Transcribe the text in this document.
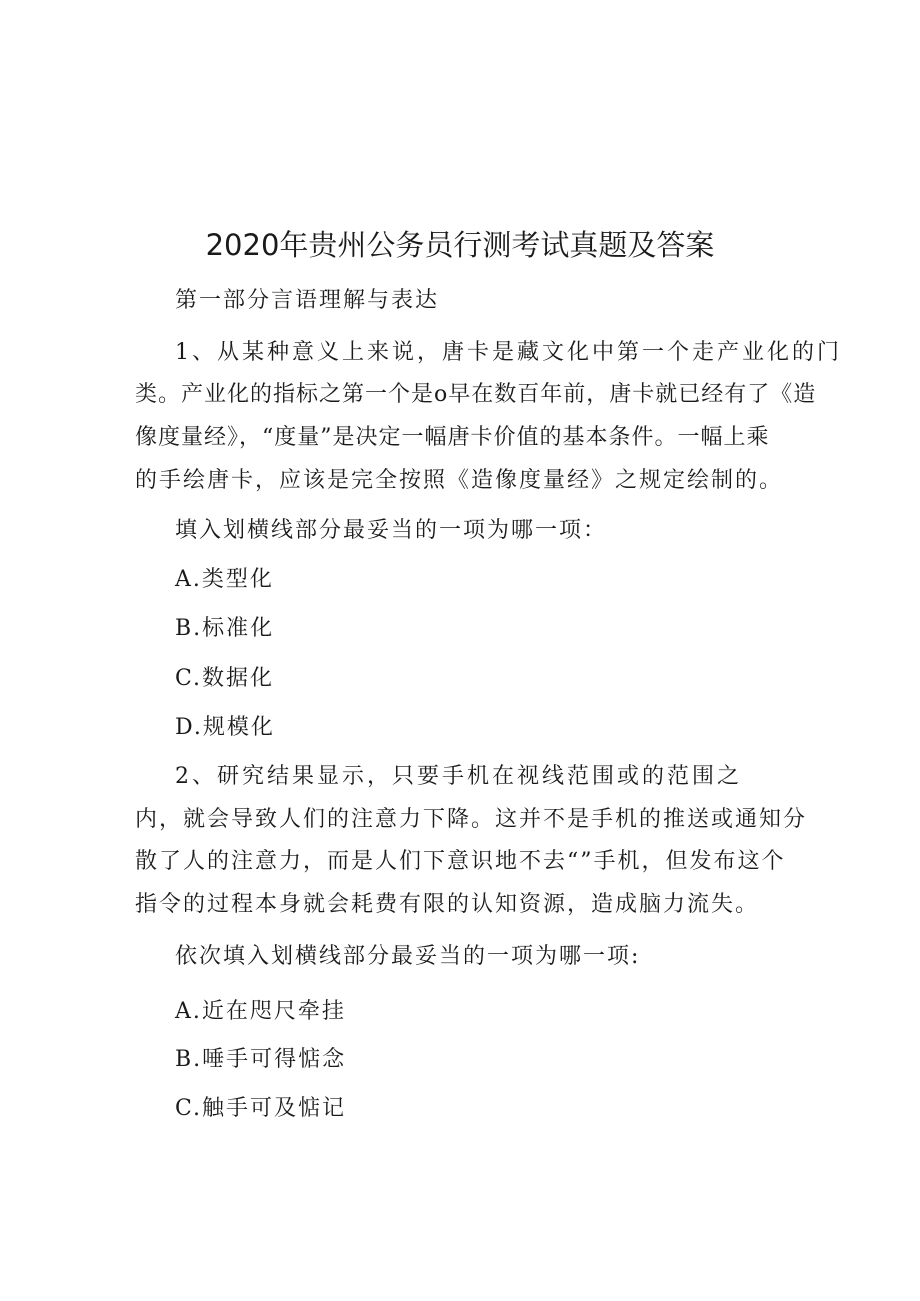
2020年贵州公务员行测考试真题及答案
第一部分言语理解与表达
1、从某种意义上来说，唐卡是藏文化中第一个走产业化的门
类。产业化的指标之第一个是o早在数百年前，唐卡就已经有了《造
像度量经》，“度量”是决定一幅唐卡价值的基本条件。一幅上乘
的手绘唐卡，应该是完全按照《造像度量经》之规定绘制的。
填入划横线部分最妥当的一项为哪一项：
A.类型化
B.标准化
C.数据化
D.规模化
2、研究结果显示，只要手机在视线范围或的范围之
内，就会导致人们的注意力下降。这并不是手机的推送或通知分
散了人的注意力，而是人们下意识地不去“”手机，但发布这个
指令的过程本身就会耗费有限的认知资源，造成脑力流失。
依次填入划横线部分最妥当的一项为哪一项:
A.近在咫尺牵挂
B.唾手可得惦念
C.触手可及惦记
